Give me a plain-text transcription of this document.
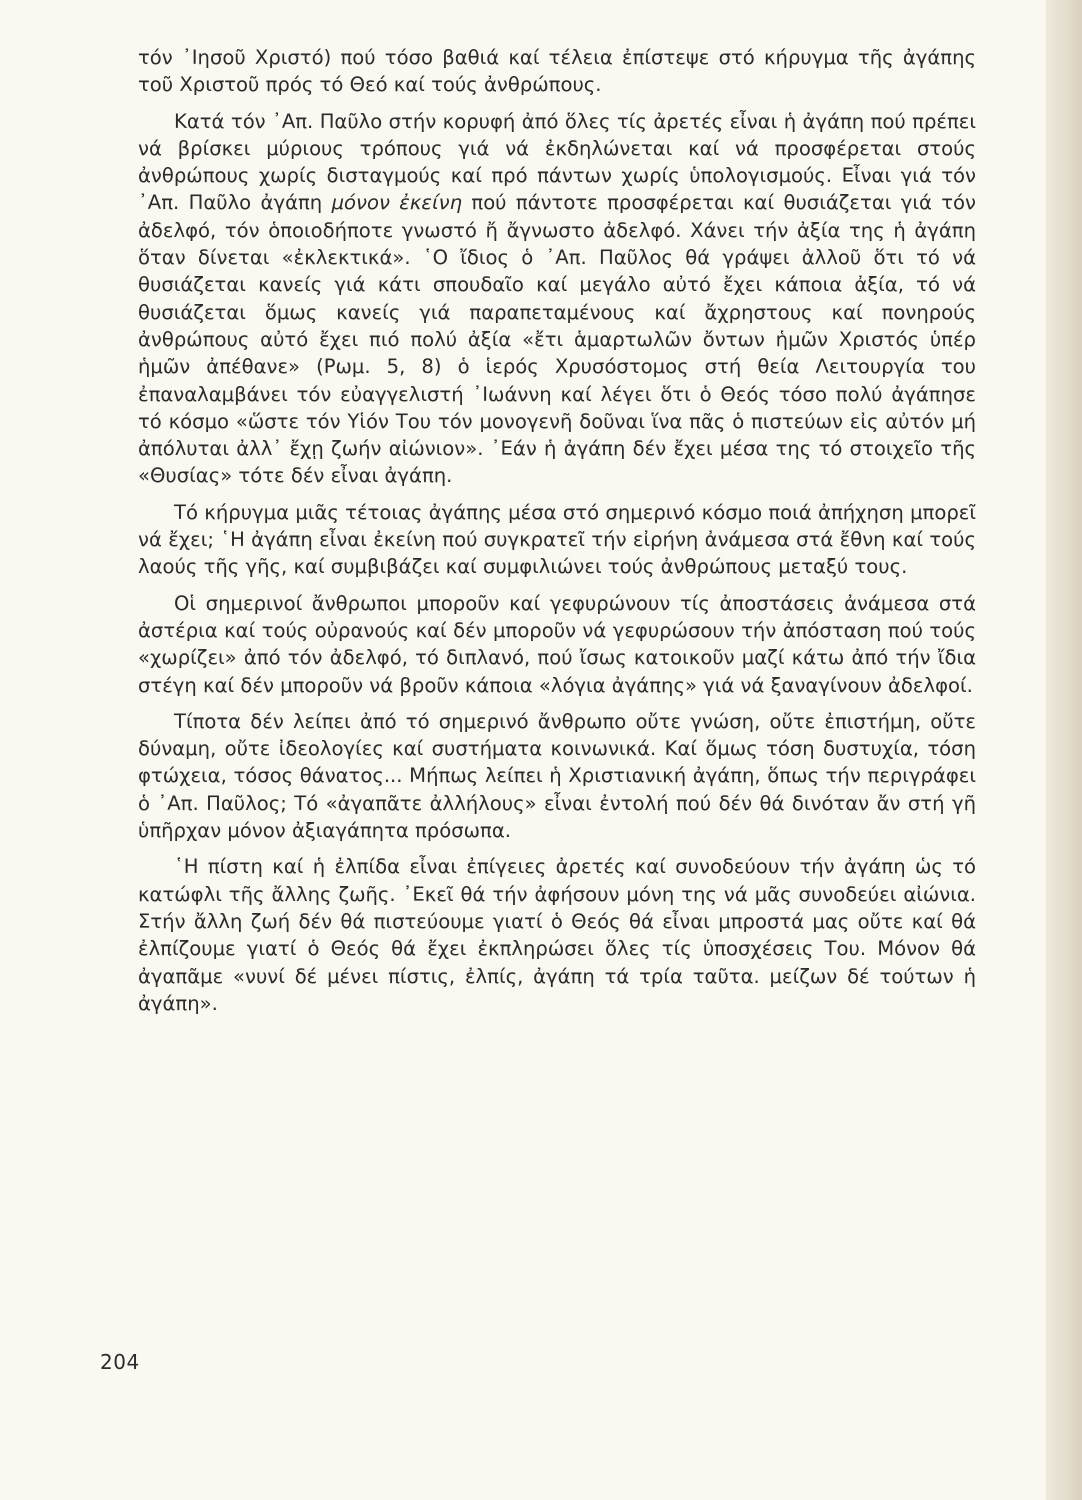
τόν ᾿Ιησοῦ Χριστό) πού τόσο βαθιά καί τέλεια ἐπίστεψε στό κήρυγμα τῆς ἀγάπης τοῦ Χριστοῦ πρός τό Θεό καί τούς ἀνθρώπους.

Κατά τόν ᾿Απ. Παῦλο στήν κορυφή ἀπό ὅλες τίς ἀρετές εἶναι ἡ ἀγάπη πού πρέπει νά βρίσκει μύριους τρόπους γιά νά ἐκδηλώνεται καί νά προσφέρεται στούς ἀνθρώπους χωρίς δισταγμούς καί πρό πάντων χωρίς ὑπολογισμούς. Εἶναι γιά τόν ᾿Απ. Παῦλο ἀγάπη μόνον ἐκείνη πού πάντοτε προσφέρεται καί θυσιάζεται γιά τόν ἀδελφό, τόν ὁποιοδήποτε γνωστό ἤ ἄγνωστο ἀδελφό. Χάνει τήν ἀξία της ἡ ἀγάπη ὅταν δίνεται «ἐκλεκτικά». ῾Ο ἴδιος ὁ ᾿Απ. Παῦλος θά γράψει ἀλλοῦ ὅτι τό νά θυσιάζεται κανείς γιά κάτι σπουδαῖο καί μεγάλο αὐτό ἔχει κάποια ἀξία, τό νά θυσιάζεται ὅμως κανείς γιά παραπεταμένους καί ἄχρηστους καί πονηρούς ἀνθρώπους αὐτό ἔχει πιό πολύ ἀξία «ἔτι ἁμαρτωλῶν ὄντων ἡμῶν Χριστός ὑπέρ ἡμῶν ἀπέθανε» (Ρωμ. 5, 8) ὁ ἱερός Χρυσόστομος στή θεία Λειτουργία του ἐπαναλαμβάνει τόν εὐαγγελιστή ᾿Ιωάννη καί λέγει ὅτι ὁ Θεός τόσο πολύ ἀγάπησε τό κόσμο «ὥστε τόν Υἱόν Του τόν μονογενῆ δοῦναι ἵνα πᾶς ὁ πιστεύων εἰς αὐτόν μή ἀπόλυται ἀλλ᾿ ἔχῃ ζωήν αἰώνιον». ᾿Εάν ἡ ἀγάπη δέν ἔχει μέσα της τό στοιχεῖο τῆς «Θυσίας» τότε δέν εἶναι ἀγάπη.

Τό κήρυγμα μιᾶς τέτοιας ἀγάπης μέσα στό σημερινό κόσμο ποιά ἀπήχηση μπορεῖ νά ἔχει; ῾Η ἀγάπη εἶναι ἐκείνη πού συγκρατεῖ τήν εἰρήνη ἀνάμεσα στά ἔθνη καί τούς λαούς τῆς γῆς, καί συμβιβάζει καί συμφιλιώνει τούς ἀνθρώπους μεταξύ τους.

Οἱ σημερινοί ἄνθρωποι μποροῦν καί γεφυρώνουν τίς ἀποστάσεις ἀνάμεσα στά ἀστέρια καί τούς οὐρανούς καί δέν μποροῦν νά γεφυρώσουν τήν ἀπόσταση πού τούς «χωρίζει» ἀπό τόν ἀδελφό, τό διπλανό, πού ἴσως κατοικοῦν μαζί κάτω ἀπό τήν ἴδια στέγη καί δέν μποροῦν νά βροῦν κάποια «λόγια ἀγάπης» γιά νά ξαναγίνουν ἀδελφοί.

Τίποτα δέν λείπει ἀπό τό σημερινό ἄνθρωπο οὔτε γνώση, οὔτε ἐπιστήμη, οὔτε δύναμη, οὔτε ἰδεολογίες καί συστήματα κοινωνικά. Καί ὅμως τόση δυστυχία, τόση φτώχεια, τόσος θάνατος... Μήπως λείπει ἡ Χριστιανική ἀγάπη, ὅπως τήν περιγράφει ὁ ᾿Απ. Παῦλος; Τό «ἀγαπᾶτε ἀλλήλους» εἶναι ἐντολή πού δέν θά δινόταν ἄν στή γῆ ὑπῆρχαν μόνον ἀξιαγάπητα πρόσωπα.

῾Η πίστη καί ἡ ἐλπίδα εἶναι ἐπίγειες ἀρετές καί συνοδεύουν τήν ἀγάπη ὡς τό κατώφλι τῆς ἄλλης ζωῆς. ᾿Εκεῖ θά τήν ἀφήσουν μόνη της νά μᾶς συνοδεύει αἰώνια. Στήν ἄλλη ζωή δέν θά πιστεύουμε γιατί ὁ Θεός θά εἶναι μπροστά μας οὔτε καί θά ἐλπίζουμε γιατί ὁ Θεός θά ἔχει ἐκπληρώσει ὅλες τίς ὑποσχέσεις Του. Μόνον θά ἀγαπᾶμε «νυνί δέ μένει πίστις, ἐλπίς, ἀγάπη τά τρία ταῦτα. μείζων δέ τούτων ἡ ἀγάπη».

204
